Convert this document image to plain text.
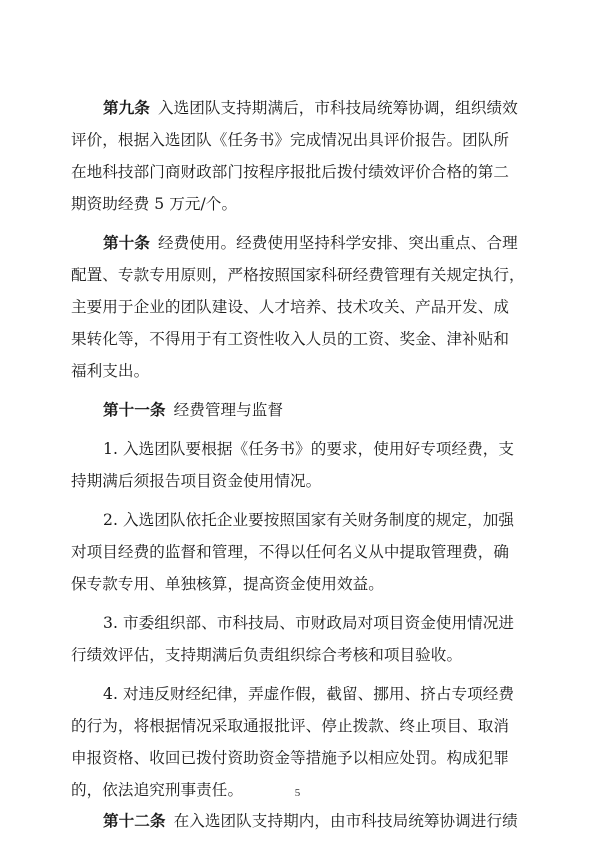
第九条 入选团队支持期满后，市科技局统筹协调，组织绩效
评价，根据入选团队《任务书》完成情况出具评价报告。团队所
在地科技部门商财政部门按程序报批后拨付绩效评价合格的第二
期资助经费 5 万元/个。
第十条 经费使用。经费使用坚持科学安排、突出重点、合理
配置、专款专用原则，严格按照国家科研经费管理有关规定执行，
主要用于企业的团队建设、人才培养、技术攻关、产品开发、成
果转化等，不得用于有工资性收入人员的工资、奖金、津补贴和
福利支出。
第十一条 经费管理与监督
1. 入选团队要根据《任务书》的要求，使用好专项经费，支
持期满后须报告项目资金使用情况。
2. 入选团队依托企业要按照国家有关财务制度的规定，加强
对项目经费的监督和管理，不得以任何名义从中提取管理费，确
保专款专用、单独核算，提高资金使用效益。
3. 市委组织部、市科技局、市财政局对项目资金使用情况进
行绩效评估，支持期满后负责组织综合考核和项目验收。
4. 对违反财经纪律，弄虚作假，截留、挪用、挤占专项经费
的行为，将根据情况采取通报批评、停止拨款、终止项目、取消
申报资格、收回已拨付资助资金等措施予以相应处罚。构成犯罪
的，依法追究刑事责任。
第十二条 在入选团队支持期内，由市科技局统筹协调进行绩
5
